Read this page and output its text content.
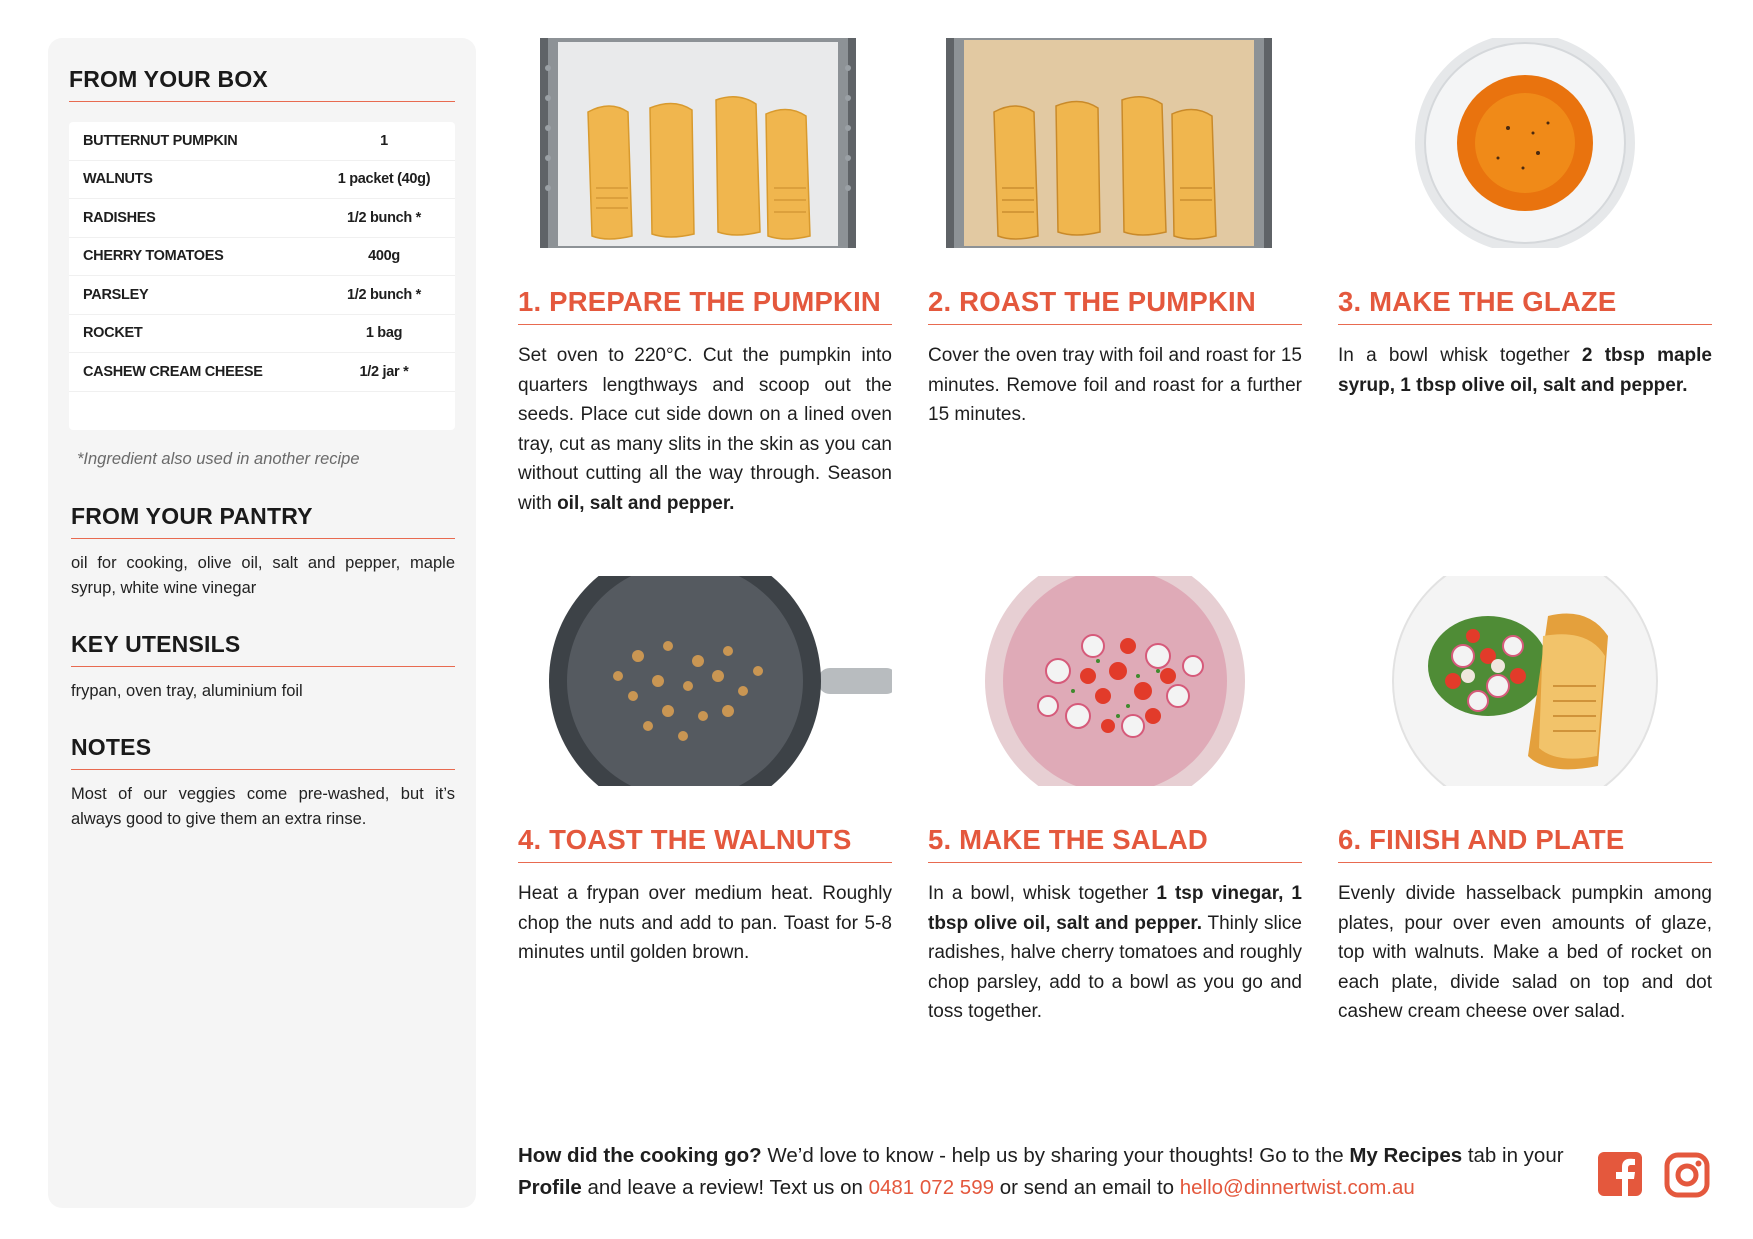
FROM YOUR BOX
BUTTERNUT PUMPKIN	1
WALNUTS	1 packet (40g)
RADISHES	1/2 bunch *
CHERRY TOMATOES	400g
PARSLEY	1/2 bunch *
ROCKET	1 bag
CASHEW CREAM CHEESE	1/2 jar *
*Ingredient also used in another recipe
FROM YOUR PANTRY
oil for cooking, olive oil, salt and pepper, maple syrup, white wine vinegar
KEY UTENSILS
frypan, oven tray, aluminium foil
NOTES
Most of our veggies come pre-washed, but it’s always good to give them an extra rinse.
1. PREPARE THE PUMPKIN
Set oven to 220°C. Cut the pumpkin into quarters lengthways and scoop out the seeds. Place cut side down on a lined oven tray, cut as many slits in the skin as you can without cutting all the way through. Season with oil, salt and pepper.
2. ROAST THE PUMPKIN
Cover the oven tray with foil and roast for 15 minutes. Remove foil and roast for a further 15 minutes.
3. MAKE THE GLAZE
In a bowl whisk together 2 tbsp maple syrup, 1 tbsp olive oil, salt and pepper.
4. TOAST THE WALNUTS
Heat a frypan over medium heat. Roughly chop the nuts and add to pan. Toast for 5-8 minutes until golden brown.
5. MAKE THE SALAD
In a bowl, whisk together 1 tsp vinegar, 1 tbsp olive oil, salt and pepper. Thinly slice radishes, halve cherry tomatoes and roughly chop parsley, add to a bowl as you go and toss together.
6. FINISH AND PLATE
Evenly divide hasselback pumpkin among plates, pour over even amounts of glaze, top with walnuts. Make a bed of rocket on each plate, divide salad on top and dot cashew cream cheese over salad.
How did the cooking go? We’d love to know - help us by sharing your thoughts! Go to the My Recipes tab in your Profile and leave a review! Text us on 0481 072 599 or send an email to hello@dinnertwist.com.au
